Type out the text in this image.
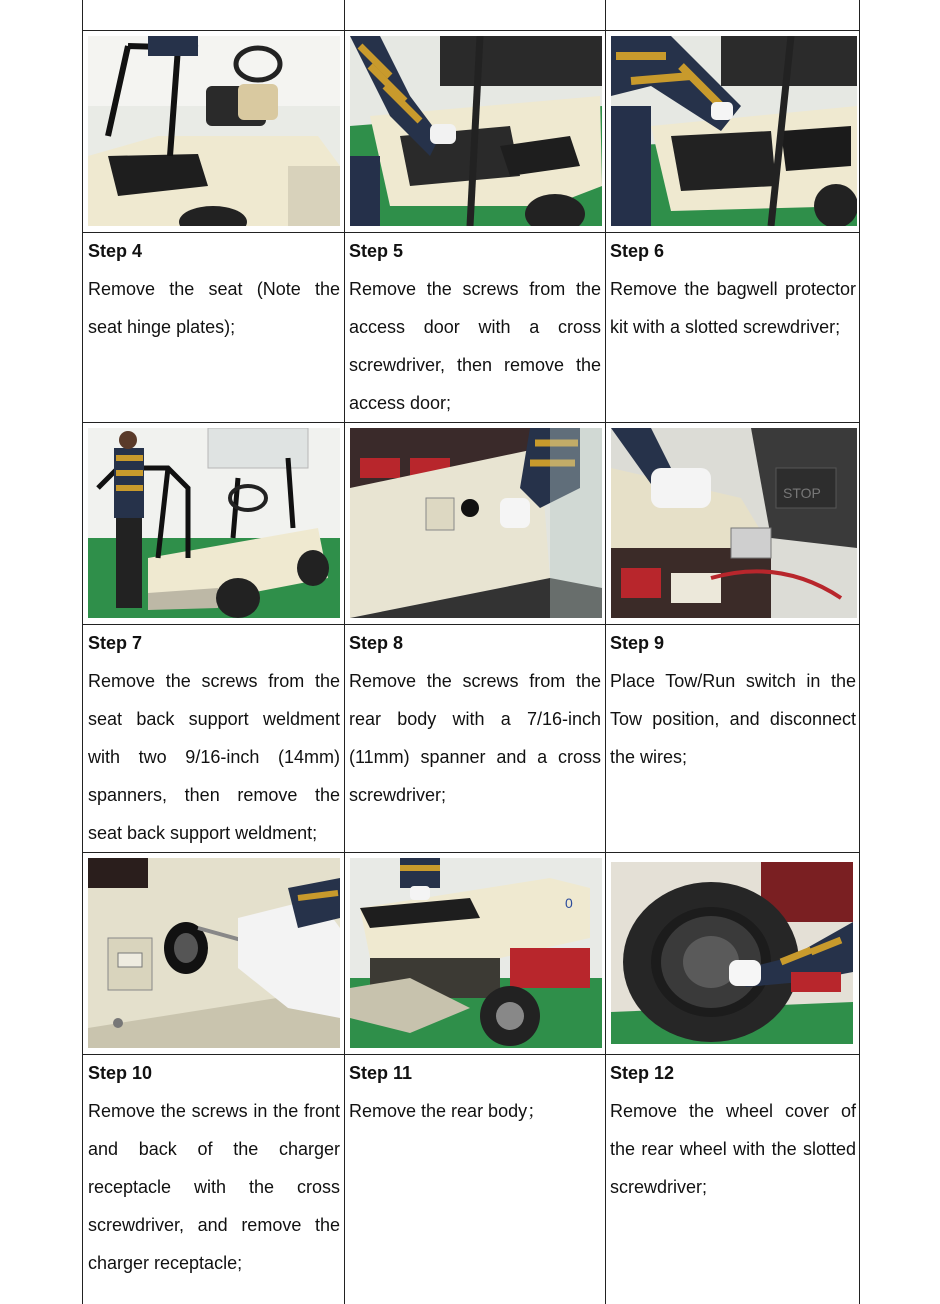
Step 4
Remove the seat (Note the seat hinge plates);
Step 5
Remove the screws from the access door with a cross screwdriver, then remove the access door;
Step 6
Remove the bagwell protector kit with a slotted screwdriver;
STOP
Step 7
Remove the screws from the seat back support weldment with two 9/16-inch (14mm) spanners, then remove the seat back support weldment;
Step 8
Remove the screws from the rear body with a 7/16-inch (11mm) spanner and a cross screwdriver;
Step 9
Place Tow/Run switch in the Tow position, and disconnect the wires;
0
Step 10
Remove the screws in the front and back of the charger receptacle with the cross screwdriver, and remove the charger receptacle;
Step 11
Remove the rear body；
Step 12
Remove the wheel cover of the rear wheel with the slotted screwdriver;
